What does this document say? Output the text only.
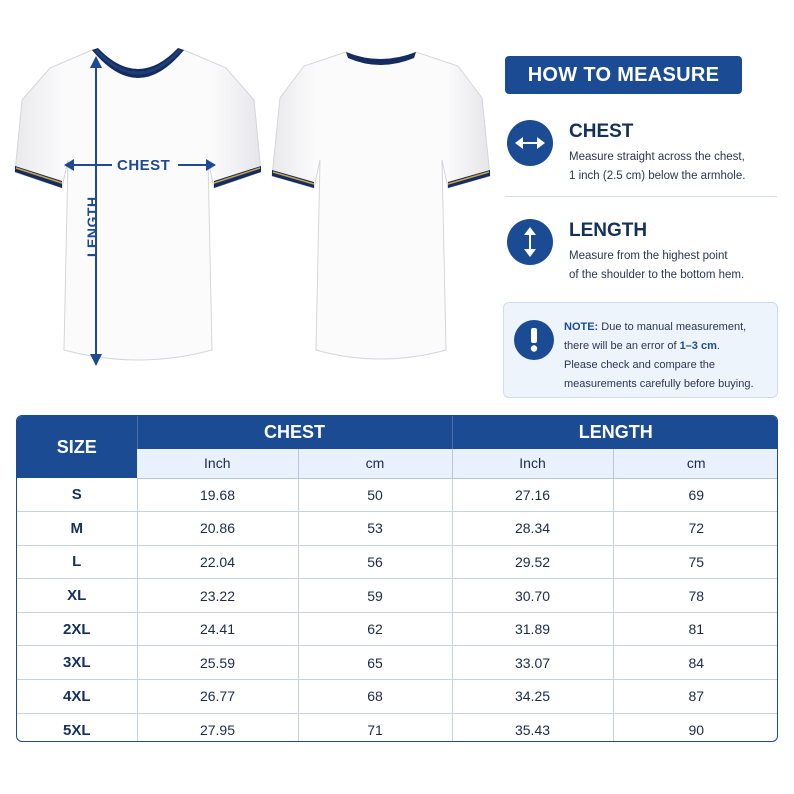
CHEST
LENGTH
HOW TO MEASURE
CHEST
Measure straight across the chest,
1 inch (2.5 cm) below the armhole.
LENGTH
Measure from the highest point
of the shoulder to the bottom hem.
NOTE: Due to manual measurement,
there will be an error of 1–3 cm.
Please check and compare the
measurements carefully before buying.
SIZE	CHEST		LENGTH	
	Inch	cm	Inch	cm
S	19.68	50	27.16	69
M	20.86	53	28.34	72
L	22.04	56	29.52	75
XL	23.22	59	30.70	78
2XL	24.41	62	31.89	81
3XL	25.59	65	33.07	84
4XL	26.77	68	34.25	87
5XL	27.95	71	35.43	90
